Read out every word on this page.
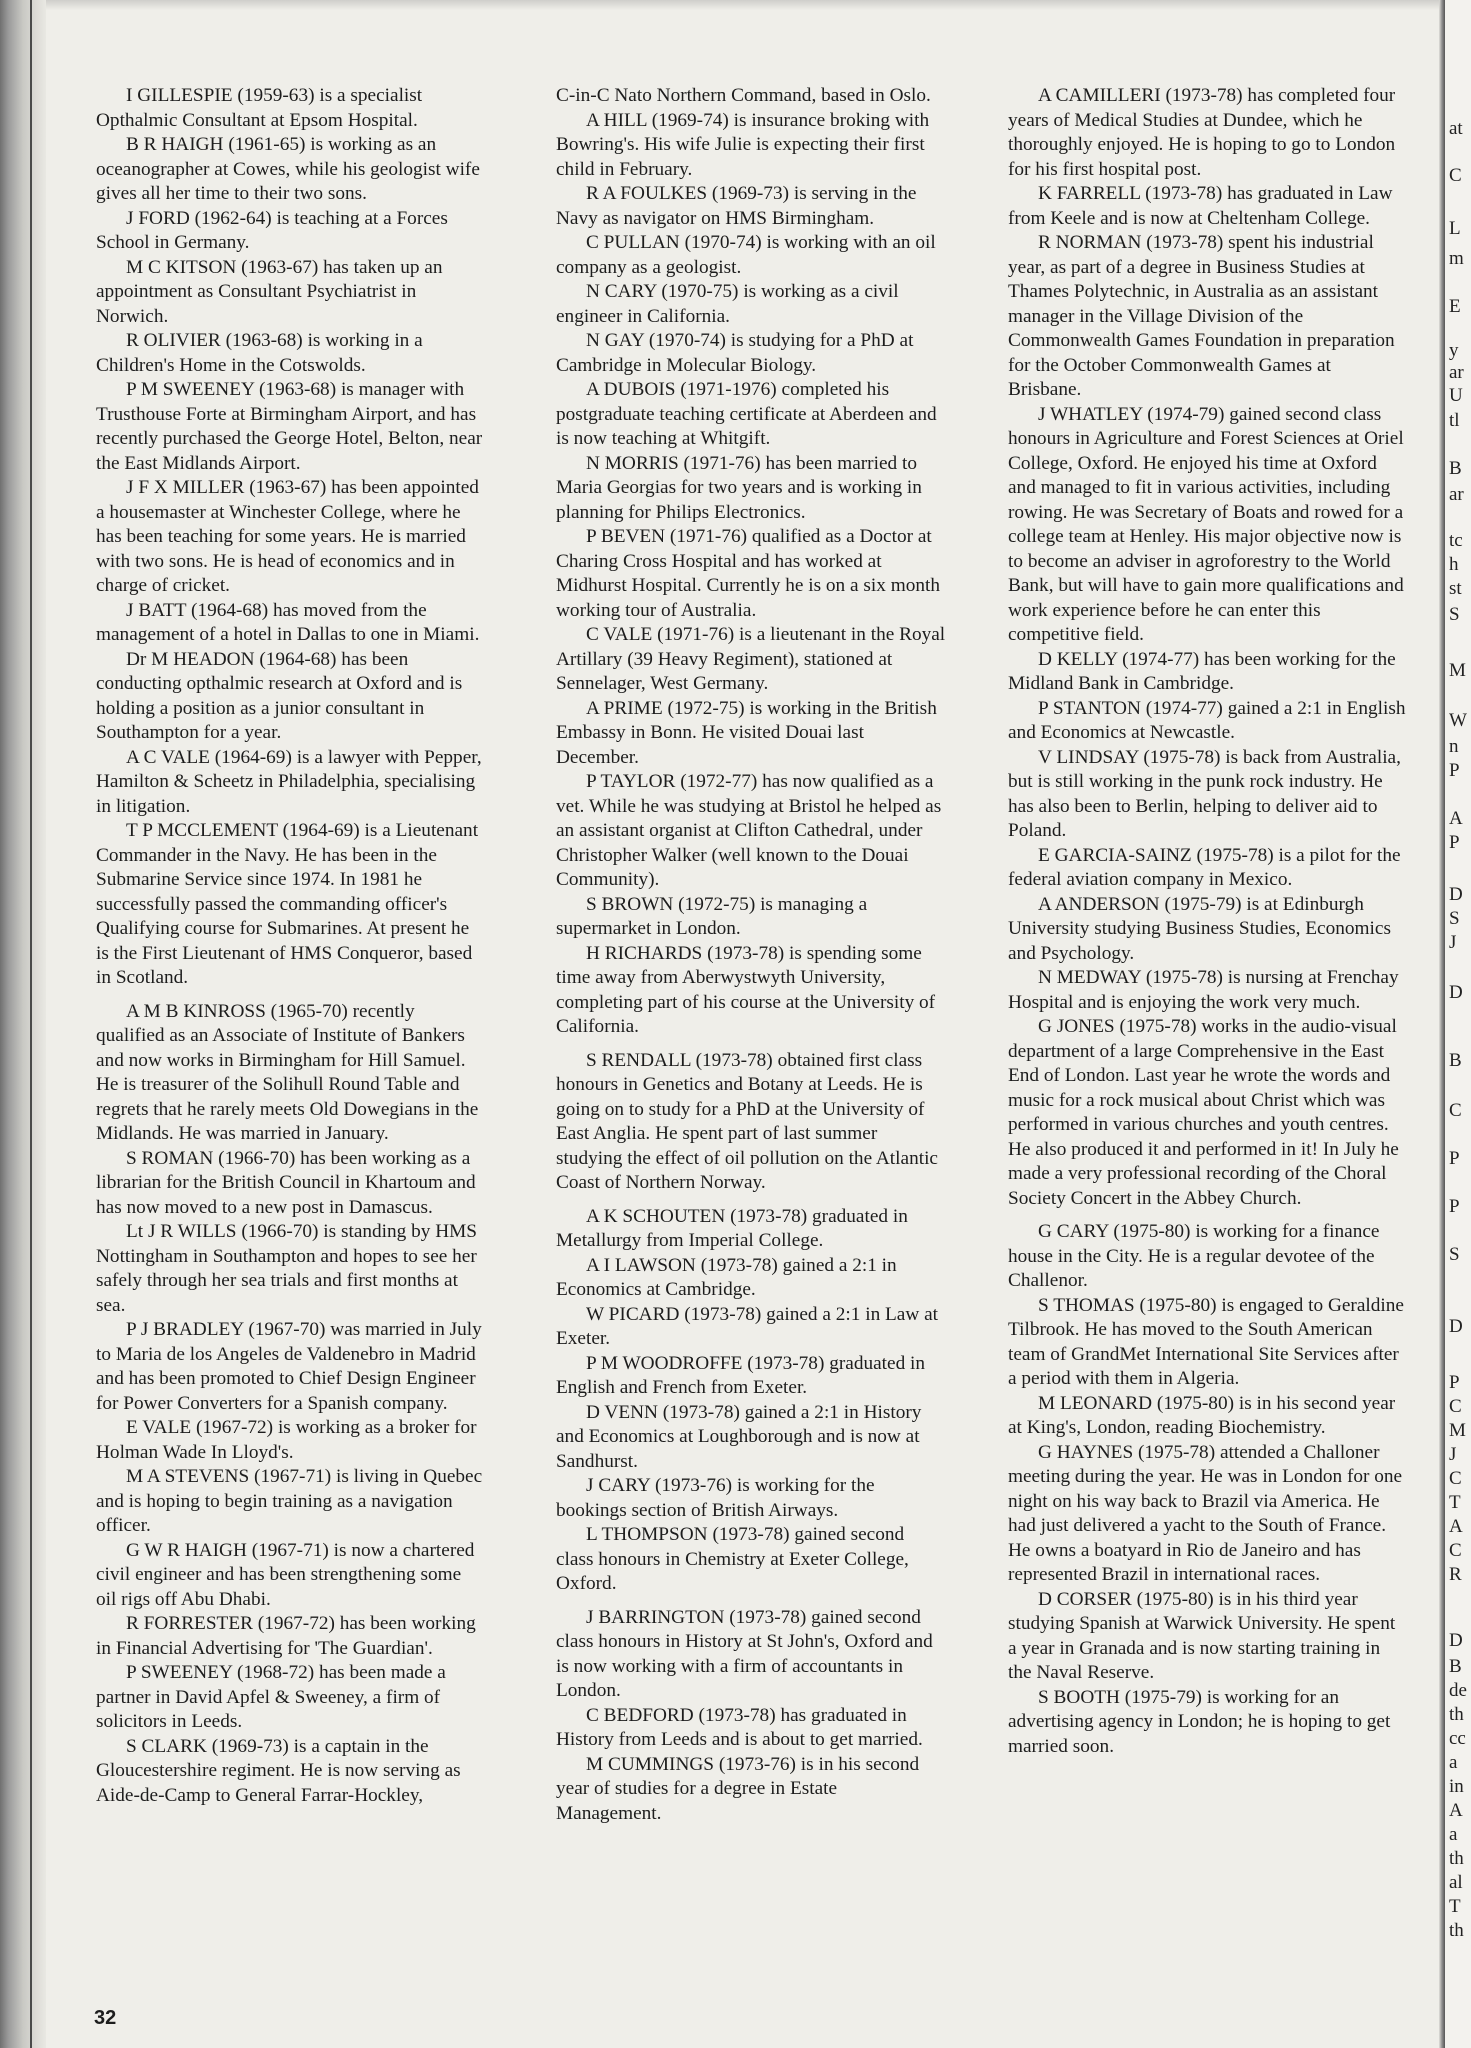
I GILLESPIE (1959-63) is a specialist Opthalmic Consultant at Epsom Hospital.

B R HAIGH (1961-65) is working as an oceanographer at Cowes, while his geologist wife gives all her time to their two sons.

J FORD (1962-64) is teaching at a Forces School in Germany.

M C KITSON (1963-67) has taken up an appointment as Consultant Psychiatrist in Norwich.

R OLIVIER (1963-68) is working in a Children's Home in the Cotswolds.

P M SWEENEY (1963-68) is manager with Trusthouse Forte at Birmingham Airport, and has recently purchased the George Hotel, Belton, near the East Midlands Airport.

J F X MILLER (1963-67) has been appointed a housemaster at Winchester College, where he has been teaching for some years. He is married with two sons. He is head of economics and in charge of cricket.

J BATT (1964-68) has moved from the management of a hotel in Dallas to one in Miami.

Dr M HEADON (1964-68) has been conducting opthalmic research at Oxford and is holding a position as a junior consultant in Southampton for a year.

A C VALE (1964-69) is a lawyer with Pepper, Hamilton & Scheetz in Philadelphia, specialising in litigation.

T P MCCLEMENT (1964-69) is a Lieutenant Commander in the Navy. He has been in the Submarine Service since 1974. In 1981 he successfully passed the commanding officer's Qualifying course for Submarines. At present he is the First Lieutenant of HMS Conqueror, based in Scotland.

A M B KINROSS (1965-70) recently qualified as an Associate of Institute of Bankers and now works in Birmingham for Hill Samuel. He is treasurer of the Solihull Round Table and regrets that he rarely meets Old Dowegians in the Midlands. He was married in January.

S ROMAN (1966-70) has been working as a librarian for the British Council in Khartoum and has now moved to a new post in Damascus.

Lt J R WILLS (1966-70) is standing by HMS Nottingham in Southampton and hopes to see her safely through her sea trials and first months at sea.

P J BRADLEY (1967-70) was married in July to Maria de los Angeles de Valdenebro in Madrid and has been promoted to Chief Design Engineer for Power Converters for a Spanish company.

E VALE (1967-72) is working as a broker for Holman Wade In Lloyd's.

M A STEVENS (1967-71) is living in Quebec and is hoping to begin training as a navigation officer.

G W R HAIGH (1967-71) is now a chartered civil engineer and has been strengthening some oil rigs off Abu Dhabi.

R FORRESTER (1967-72) has been working in Financial Advertising for 'The Guardian'.

P SWEENEY (1968-72) has been made a partner in David Apfel & Sweeney, a firm of solicitors in Leeds.

S CLARK (1969-73) is a captain in the Gloucestershire regiment. He is now serving as Aide-de-Camp to General Farrar-Hockley,

C-in-C Nato Northern Command, based in Oslo.

A HILL (1969-74) is insurance broking with Bowring's. His wife Julie is expecting their first child in February.

R A FOULKES (1969-73) is serving in the Navy as navigator on HMS Birmingham.

C PULLAN (1970-74) is working with an oil company as a geologist.

N CARY (1970-75) is working as a civil engineer in California.

N GAY (1970-74) is studying for a PhD at Cambridge in Molecular Biology.

A DUBOIS (1971-1976) completed his postgraduate teaching certificate at Aberdeen and is now teaching at Whitgift.

N MORRIS (1971-76) has been married to Maria Georgias for two years and is working in planning for Philips Electronics.

P BEVEN (1971-76) qualified as a Doctor at Charing Cross Hospital and has worked at Midhurst Hospital. Currently he is on a six month working tour of Australia.

C VALE (1971-76) is a lieutenant in the Royal Artillary (39 Heavy Regiment), stationed at Sennelager, West Germany.

A PRIME (1972-75) is working in the British Embassy in Bonn. He visited Douai last December.

P TAYLOR (1972-77) has now qualified as a vet. While he was studying at Bristol he helped as an assistant organist at Clifton Cathedral, under Christopher Walker (well known to the Douai Community).

S BROWN (1972-75) is managing a supermarket in London.

H RICHARDS (1973-78) is spending some time away from Aberwystwyth University, completing part of his course at the University of California.

S RENDALL (1973-78) obtained first class honours in Genetics and Botany at Leeds. He is going on to study for a PhD at the University of East Anglia. He spent part of last summer studying the effect of oil pollution on the Atlantic Coast of Northern Norway.

A K SCHOUTEN (1973-78) graduated in Metallurgy from Imperial College.

A I LAWSON (1973-78) gained a 2:1 in Economics at Cambridge.

W PICARD (1973-78) gained a 2:1 in Law at Exeter.

P M WOODROFFE (1973-78) graduated in English and French from Exeter.

D VENN (1973-78) gained a 2:1 in History and Economics at Loughborough and is now at Sandhurst.

J CARY (1973-76) is working for the bookings section of British Airways.

L THOMPSON (1973-78) gained second class honours in Chemistry at Exeter College, Oxford.

J BARRINGTON (1973-78) gained second class honours in History at St John's, Oxford and is now working with a firm of accountants in London.

C BEDFORD (1973-78) has graduated in History from Leeds and is about to get married.

M CUMMINGS (1973-76) is in his second year of studies for a degree in Estate Management.

A CAMILLERI (1973-78) has completed four years of Medical Studies at Dundee, which he thoroughly enjoyed. He is hoping to go to London for his first hospital post.

K FARRELL (1973-78) has graduated in Law from Keele and is now at Cheltenham College.

R NORMAN (1973-78) spent his industrial year, as part of a degree in Business Studies at Thames Polytechnic, in Australia as an assistant manager in the Village Division of the Commonwealth Games Foundation in preparation for the October Commonwealth Games at Brisbane.

J WHATLEY (1974-79) gained second class honours in Agriculture and Forest Sciences at Oriel College, Oxford. He enjoyed his time at Oxford and managed to fit in various activities, including rowing. He was Secretary of Boats and rowed for a college team at Henley. His major objective now is to become an adviser in agroforestry to the World Bank, but will have to gain more qualifications and work experience before he can enter this competitive field.

D KELLY (1974-77) has been working for the Midland Bank in Cambridge.

P STANTON (1974-77) gained a 2:1 in English and Economics at Newcastle.

V LINDSAY (1975-78) is back from Australia, but is still working in the punk rock industry. He has also been to Berlin, helping to deliver aid to Poland.

E GARCIA-SAINZ (1975-78) is a pilot for the federal aviation company in Mexico.

A ANDERSON (1975-79) is at Edinburgh University studying Business Studies, Economics and Psychology.

N MEDWAY (1975-78) is nursing at Frenchay Hospital and is enjoying the work very much.

G JONES (1975-78) works in the audio-visual department of a large Comprehensive in the East End of London. Last year he wrote the words and music for a rock musical about Christ which was performed in various churches and youth centres. He also produced it and performed in it! In July he made a very professional recording of the Choral Society Concert in the Abbey Church.

G CARY (1975-80) is working for a finance house in the City. He is a regular devotee of the Challenor.

S THOMAS (1975-80) is engaged to Geraldine Tilbrook. He has moved to the South American team of GrandMet International Site Services after a period with them in Algeria.

M LEONARD (1975-80) is in his second year at King's, London, reading Biochemistry.

G HAYNES (1975-78) attended a Challoner meeting during the year. He was in London for one night on his way back to Brazil via America. He had just delivered a yacht to the South of France. He owns a boatyard in Rio de Janeiro and has represented Brazil in international races.

D CORSER (1975-80) is in his third year studying Spanish at Warwick University. He spent a year in Granada and is now starting training in the Naval Reserve.

S BOOTH (1975-79) is working for an advertising agency in London; he is hoping to get married soon.

32
at
C
L
m
E
y
ar
U
tl
B
ar
tc
h
st
S
M
W
n
P
A
P
D
S
J
D
B
C
P
P
S
D
P
C
M
J
C
T
A
C
R
D
B
de
th
cc
a
in
A
a
th
al
T
th
